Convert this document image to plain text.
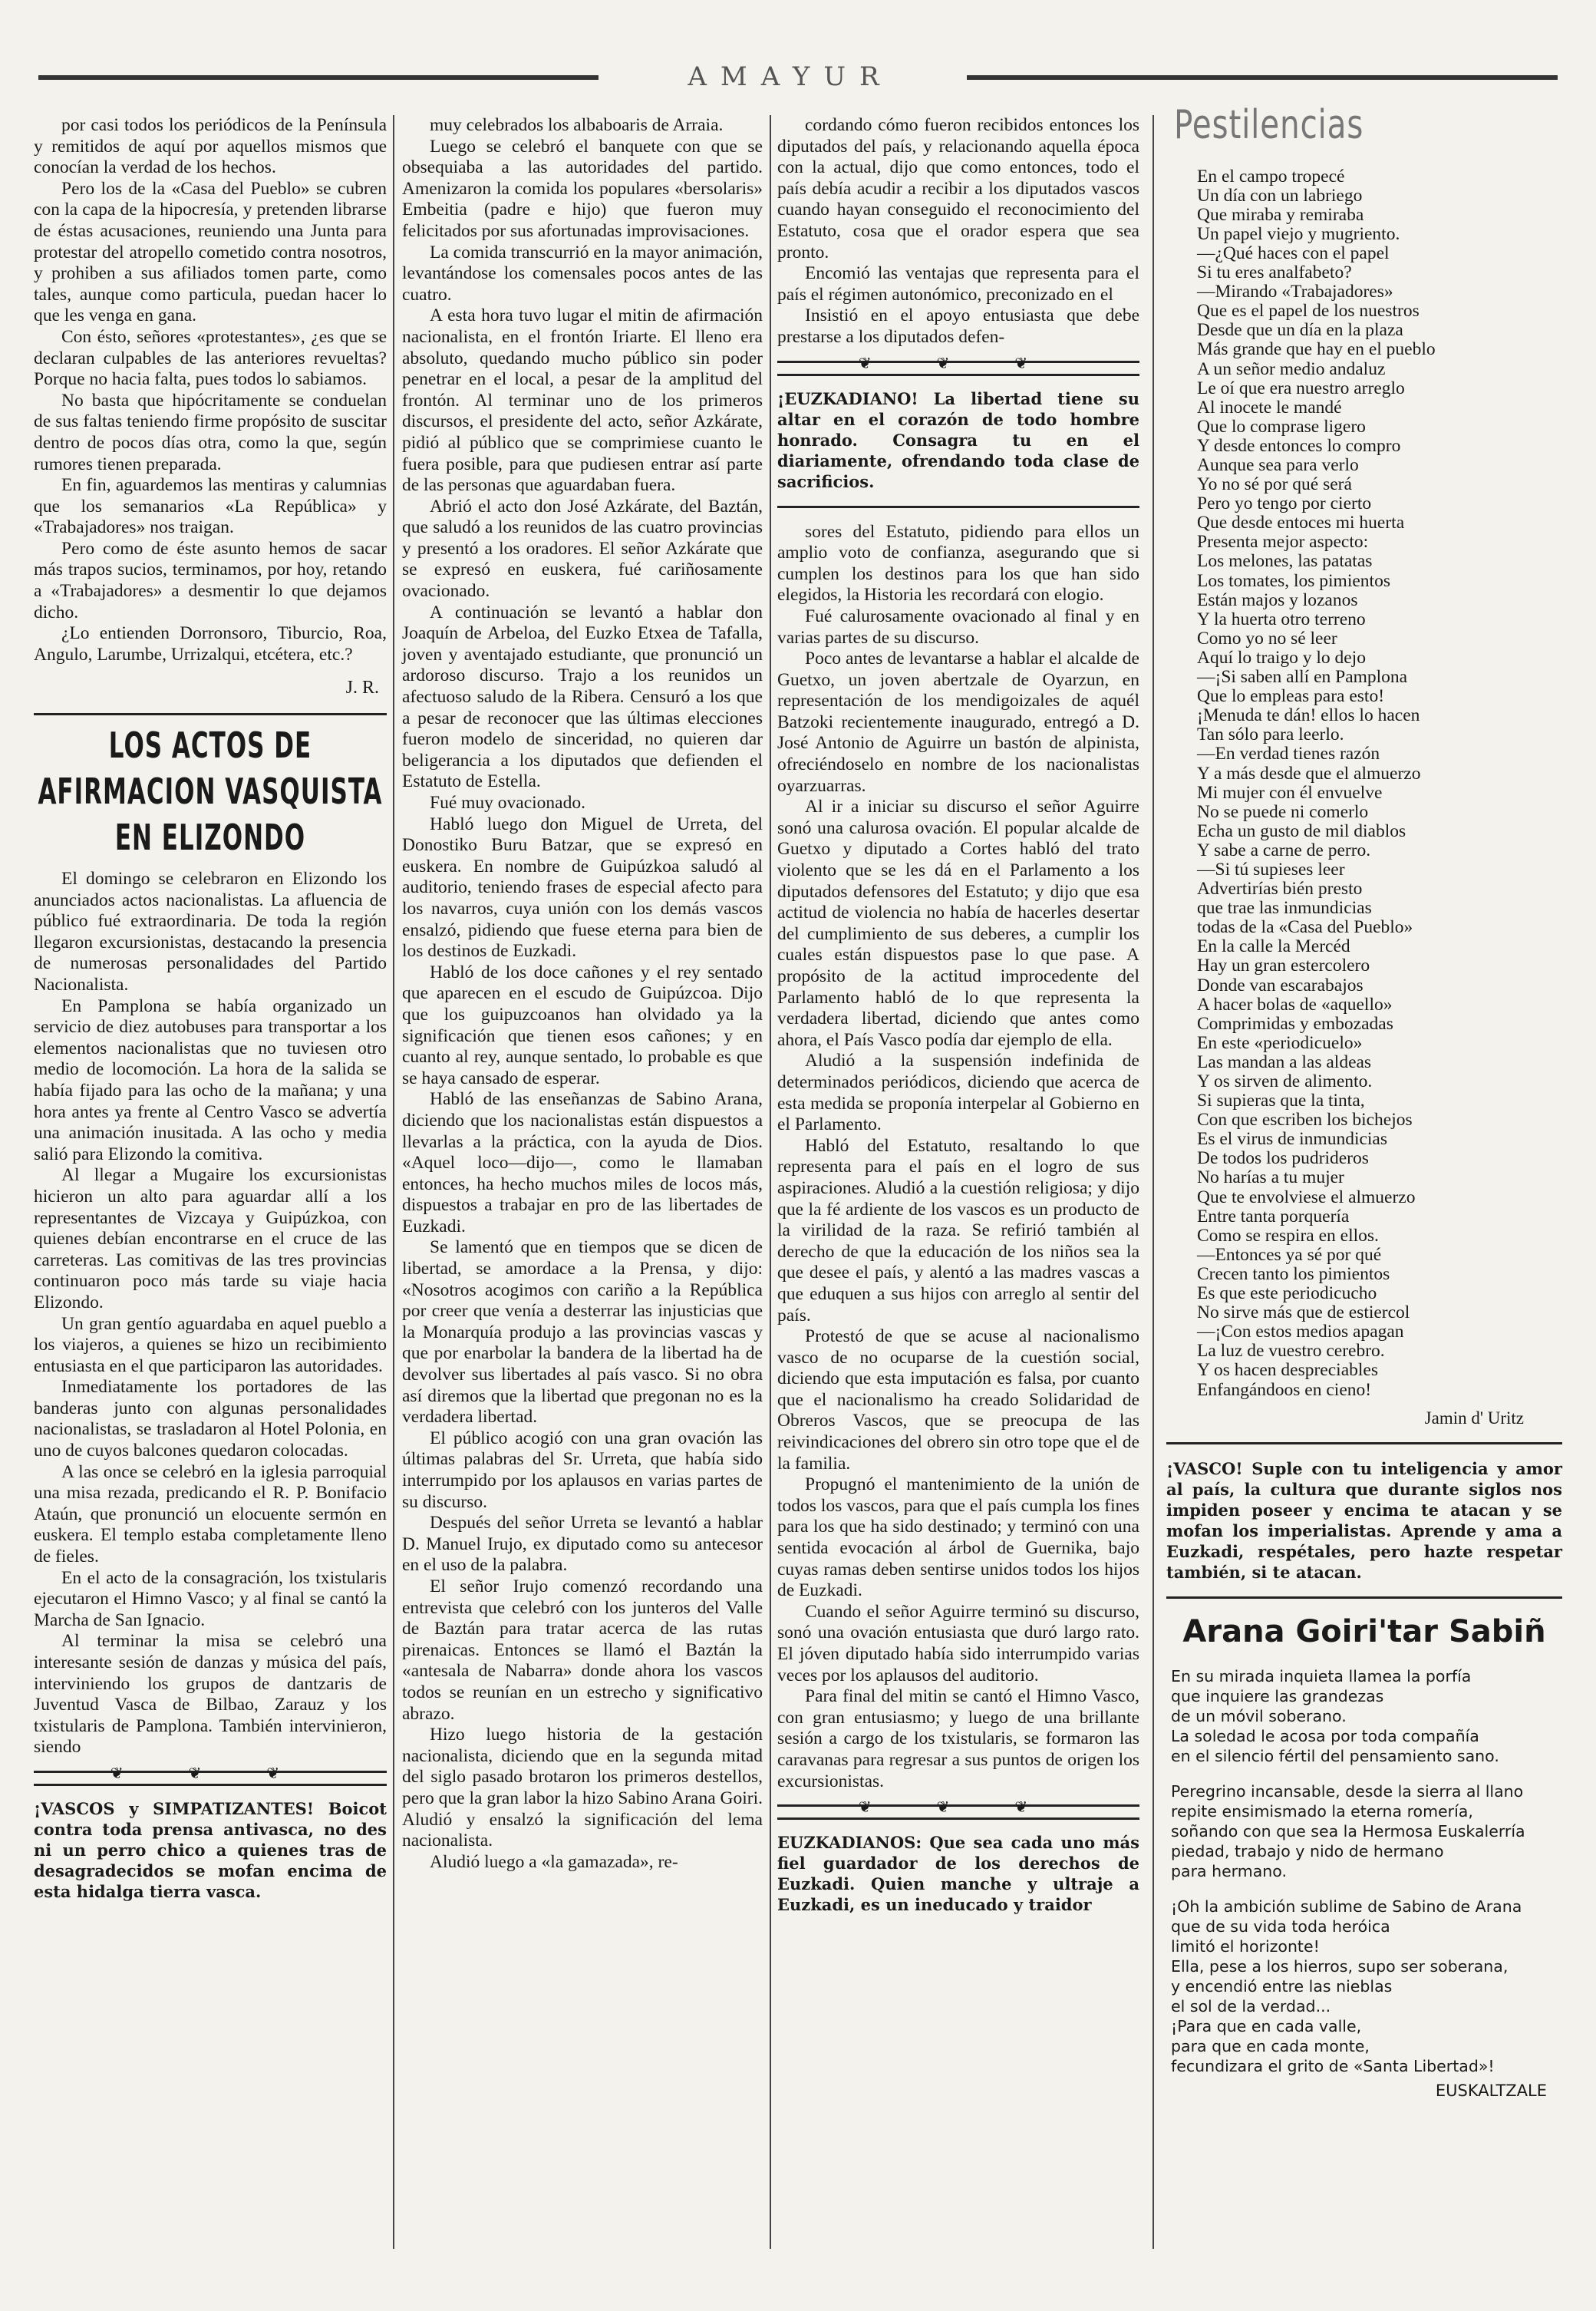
AMAYUR

por casi todos los periódicos de la Península y remitidos de aquí por aquellos mismos que conocían la verdad de los hechos.

Pero los de la «Casa del Pueblo» se cubren con la capa de la hipocresía, y pretenden librarse de éstas acusaciones, reuniendo una Junta para protestar del atropello cometido contra nosotros, y prohiben a sus afiliados tomen parte, como tales, aunque como particula, puedan hacer lo que les venga en gana.

Con ésto, señores «protestantes», ¿es que se declaran culpables de las anteriores revueltas? Porque no hacia falta, pues todos lo sabiamos.

No basta que hipócritamente se conduelan de sus faltas teniendo firme propósito de suscitar dentro de pocos días otra, como la que, según rumores tienen preparada.

En fin, aguardemos las mentiras y calumnias que los semanarios «La República» y «Trabajadores» nos traigan.

Pero como de éste asunto hemos de sacar más trapos sucios, terminamos, por hoy, retando a «Trabajadores» a desmentir lo que dejamos dicho.

¿Lo entienden Dorronsoro, Tiburcio, Roa, Angulo, Larumbe, Urrizalqui, etcétera, etc.?

J. R.
LOS ACTOS DE AFIRMACION VASQUISTA EN ELIZONDO

El domingo se celebraron en Elizondo los anunciados actos nacionalistas. La afluencia de público fué extraordinaria. De toda la región llegaron excursionistas, destacando la presencia de numerosas personalidades del Partido Nacionalista.

En Pamplona se había organizado un servicio de diez autobuses para transportar a los elementos nacionalistas que no tuviesen otro medio de locomoción. La hora de la salida se había fijado para las ocho de la mañana; y una hora antes ya frente al Centro Vasco se advertía una animación inusitada. A las ocho y media salió para Elizondo la comitiva.

Al llegar a Mugaire los excursionistas hicieron un alto para aguardar allí a los representantes de Vizcaya y Guipúzkoa, con quienes debían encontrarse en el cruce de las carreteras. Las comitivas de las tres provincias continuaron poco más tarde su viaje hacia Elizondo.

Un gran gentío aguardaba en aquel pueblo a los viajeros, a quienes se hizo un recibimiento entusiasta en el que participaron las autoridades.

Inmediatamente los portadores de las banderas junto con algunas personalidades nacionalistas, se trasladaron al Hotel Polonia, en uno de cuyos balcones quedaron colocadas.

A las once se celebró en la iglesia parroquial una misa rezada, predicando el R. P. Bonifacio Ataún, que pronunció un elocuente sermón en euskera. El templo estaba completamente lleno de fieles.

En el acto de la consagración, los txistularis ejecutaron el Himno Vasco; y al final se cantó la Marcha de San Ignacio.

Al terminar la misa se celebró una interesante sesión de danzas y música del país, interviniendo los grupos de dantzaris de Juventud Vasca de Bilbao, Zarauz y los txistularis de Pamplona. También intervinieron, siendo

❦ ❦ ❦
¡VASCOS y SIMPATIZANTES! Boicot contra toda prensa antivasca, no des ni un perro chico a quienes tras de desagradecidos se mofan encima de esta hidalga tierra vasca.

muy celebrados los albaboaris de Arraia.

Luego se celebró el banquete con que se obsequiaba a las autoridades del partido. Amenizaron la comida los populares «bersolaris» Embeitia (padre e hijo) que fueron muy felicitados por sus afortunadas improvisaciones.

La comida transcurrió en la mayor animación, levantándose los comensales pocos antes de las cuatro.

A esta hora tuvo lugar el mitin de afirmación nacionalista, en el frontón Iriarte. El lleno era absoluto, quedando mucho público sin poder penetrar en el local, a pesar de la amplitud del frontón. Al terminar uno de los primeros discursos, el presidente del acto, señor Azkárate, pidió al público que se comprimiese cuanto le fuera posible, para que pudiesen entrar así parte de las personas que aguardaban fuera.

Abrió el acto don José Azkárate, del Baztán, que saludó a los reunidos de las cuatro provincias y presentó a los oradores. El señor Azkárate que se expresó en euskera, fué cariñosamente ovacionado.

A continuación se levantó a hablar don Joaquín de Arbeloa, del Euzko Etxea de Tafalla, joven y aventajado estudiante, que pronunció un ardoroso discurso. Trajo a los reunidos un afectuoso saludo de la Ribera. Censuró a los que a pesar de reconocer que las últimas elecciones fueron modelo de sinceridad, no quieren dar beligerancia a los diputados que defienden el Estatuto de Estella.

Fué muy ovacionado.

Habló luego don Miguel de Urreta, del Donostiko Buru Batzar, que se expresó en euskera. En nombre de Guipúzkoa saludó al auditorio, teniendo frases de especial afecto para los navarros, cuya unión con los demás vascos ensalzó, pidiendo que fuese eterna para bien de los destinos de Euzkadi.

Habló de los doce cañones y el rey sentado que aparecen en el escudo de Guipúzcoa. Dijo que los guipuzcoanos han olvidado ya la significación que tienen esos cañones; y en cuanto al rey, aunque sentado, lo probable es que se haya cansado de esperar.

Habló de las enseñanzas de Sabino Arana, diciendo que los nacionalistas están dispuestos a llevarlas a la práctica, con la ayuda de Dios. «Aquel loco—dijo—, como le llamaban entonces, ha hecho muchos miles de locos más, dispuestos a trabajar en pro de las libertades de Euzkadi.

Se lamentó que en tiempos que se dicen de libertad, se amordace a la Prensa, y dijo: «Nosotros acogimos con cariño a la República por creer que venía a desterrar las injusticias que la Monarquía produjo a las provincias vascas y que por enarbolar la bandera de la libertad ha de devolver sus libertades al país vasco. Si no obra así diremos que la libertad que pregonan no es la verdadera libertad.

El público acogió con una gran ovación las últimas palabras del Sr. Urreta, que había sido interrumpido por los aplausos en varias partes de su discurso.

Después del señor Urreta se levantó a hablar D. Manuel Irujo, ex diputado como su antecesor en el uso de la palabra.

El señor Irujo comenzó recordando una entrevista que celebró con los junteros del Valle de Baztán para tratar acerca de las rutas pirenaicas. Entonces se llamó el Baztán la «antesala de Nabarra» donde ahora los vascos todos se reunían en un estrecho y significativo abrazo.

Hizo luego historia de la gestación nacionalista, diciendo que en la segunda mitad del siglo pasado brotaron los primeros destellos, pero que la gran labor la hizo Sabino Arana Goiri. Aludió y ensalzó la significación del lema nacionalista.

Aludió luego a «la gamazada», re-

cordando cómo fueron recibidos entonces los diputados del país, y relacionando aquella época con la actual, dijo que como entonces, todo el país debía acudir a recibir a los diputados vascos cuando hayan conseguido el reconocimiento del Estatuto, cosa que el orador espera que sea pronto.

Encomió las ventajas que representa para el país el régimen autonómico, preconizado en el

Insistió en el apoyo entusiasta que debe prestarse a los diputados defen-

❦ ❦ ❦
¡EUZKADIANO! La libertad tiene su altar en el corazón de todo hombre honrado. Consagra tu en el diariamente, ofrendando toda clase de sacrificios.

sores del Estatuto, pidiendo para ellos un amplio voto de confianza, asegurando que si cumplen los destinos para los que han sido elegidos, la Historia les recordará con elogio.

Fué calurosamente ovacionado al final y en varias partes de su discurso.

Poco antes de levantarse a hablar el alcalde de Guetxo, un joven abertzale de Oyarzun, en representación de los mendigoizales de aquél Batzoki recientemente inaugurado, entregó a D. José Antonio de Aguirre un bastón de alpinista, ofreciéndoselo en nombre de los nacionalistas oyarzuarras.

Al ir a iniciar su discurso el señor Aguirre sonó una calurosa ovación. El popular alcalde de Guetxo y diputado a Cortes habló del trato violento que se les dá en el Parlamento a los diputados defensores del Estatuto; y dijo que esa actitud de violencia no había de hacerles desertar del cumplimiento de sus deberes, a cumplir los cuales están dispuestos pase lo que pase. A propósito de la actitud improcedente del Parlamento habló de lo que representa la verdadera libertad, diciendo que antes como ahora, el País Vasco podía dar ejemplo de ella.

Aludió a la suspensión indefinida de determinados periódicos, diciendo que acerca de esta medida se proponía interpelar al Gobierno en el Parlamento.

Habló del Estatuto, resaltando lo que representa para el país en el logro de sus aspiraciones. Aludió a la cuestión religiosa; y dijo que la fé ardiente de los vascos es un producto de la virilidad de la raza. Se refirió también al derecho de que la educación de los niños sea la que desee el país, y alentó a las madres vascas a que eduquen a sus hijos con arreglo al sentir del país.

Protestó de que se acuse al nacionalismo vasco de no ocuparse de la cuestión social, diciendo que esta imputación es falsa, por cuanto que el nacionalismo ha creado Solidaridad de Obreros Vascos, que se preocupa de las reivindicaciones del obrero sin otro tope que el de la familia.

Propugnó el mantenimiento de la unión de todos los vascos, para que el país cumpla los fines para los que ha sido destinado; y terminó con una sentida evocación al árbol de Guernika, bajo cuyas ramas deben sentirse unidos todos los hijos de Euzkadi.

Cuando el señor Aguirre terminó su discurso, sonó una ovación entusiasta que duró largo rato. El jóven diputado había sido interrumpido varias veces por los aplausos del auditorio.

Para final del mitin se cantó el Himno Vasco, con gran entusiasmo; y luego de una brillante sesión a cargo de los txistularis, se formaron las caravanas para regresar a sus puntos de origen los excursionistas.

❦ ❦ ❦
EUZKADIANOS: Que sea cada uno más fiel guardador de los derechos de Euzkadi. Quien manche y ultraje a Euzkadi, es un ineducado y traidor
Pestilencias
En el campo tropecé
Un día con un labriego
Que miraba y remiraba
Un papel viejo y mugriento.
—¿Qué haces con el papel
Si tu eres analfabeto?
—Mirando «Trabajadores»
Que es el papel de los nuestros
Desde que un día en la plaza
Más grande que hay en el pueblo
A un señor medio andaluz
Le oí que era nuestro arreglo
Al inocete le mandé
Que lo comprase ligero
Y desde entonces lo compro
Aunque sea para verlo
Yo no sé por qué será
Pero yo tengo por cierto
Que desde entoces mi huerta
Presenta mejor aspecto:
Los melones, las patatas
Los tomates, los pimientos
Están majos y lozanos
Y la huerta otro terreno
Como yo no sé leer
Aquí lo traigo y lo dejo
—¡Si saben allí en Pamplona
Que lo empleas para esto!
¡Menuda te dán! ellos lo hacen
Tan sólo para leerlo.
—En verdad tienes razón
Y a más desde que el almuerzo
Mi mujer con él envuelve
No se puede ni comerlo
Echa un gusto de mil diablos
Y sabe a carne de perro.
—Si tú supieses leer
Advertirías bién presto
que trae las inmundicias
todas de la «Casa del Pueblo»
En la calle la Mercéd
Hay un gran estercolero
Donde van escarabajos
A hacer bolas de «aquello»
Comprimidas y embozadas
En este «periodicuelo»
Las mandan a las aldeas
Y os sirven de alimento.
Si supieras que la tinta,
Con que escriben los bichejos
Es el virus de inmundicias
De todos los pudrideros
No harías a tu mujer
Que te envolviese el almuerzo
Entre tanta porquería
Como se respira en ellos.
—Entonces ya sé por qué
Crecen tanto los pimientos
Es que este periodicucho
No sirve más que de estiercol
—¡Con estos medios apagan
La luz de vuestro cerebro.
Y os hacen despreciables
Enfangándoos en cieno!
Jamin d' Uritz
¡VASCO! Suple con tu inteligencia y amor al país, la cultura que durante siglos nos impiden poseer y encima te atacan y se mofan los imperialistas. Aprende y ama a Euzkadi, respétales, pero hazte respetar también, si te atacan.
Arana Goiri'tar Sabiñ
En su mirada inquieta llamea la porfía
que inquiere las grandezas
de un móvil soberano.
La soledad le acosa por toda compañía
en el silencio fértil del pensamiento sano.
Peregrino incansable, desde la sierra al llano
repite ensimismado la eterna romería,
soñando con que sea la Hermosa Euskalerría
piedad, trabajo y nido de hermano
para hermano.
¡Oh la ambición sublime de Sabino de Arana
que de su vida toda heróica
limitó el horizonte!
Ella, pese a los hierros, supo ser soberana,
y encendió entre las nieblas
el sol de la verdad...
¡Para que en cada valle,
para que en cada monte,
fecundizara el grito de «Santa Libertad»!
EUSKALTZALE
